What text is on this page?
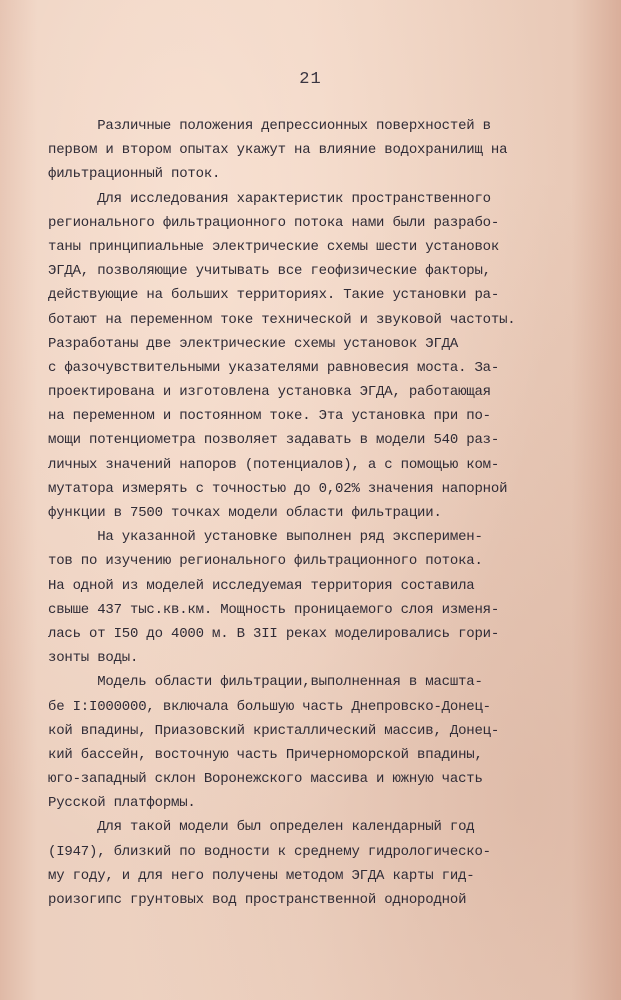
21
Различные положения депрессионных поверхностей в
первом и втором опытах укажут на влияние водохранилищ на
фильтрационный поток.
Для исследования характеристик пространственного
регионального фильтрационного потока нами были разрабо-
таны принципиальные электрические схемы шести установок
ЭГДА, позволяющие учитывать все геофизические факторы,
действующие на больших территориях. Такие установки ра-
ботают на переменном токе технической и звуковой частоты.
Разработаны две электрические схемы установок ЭГДА
с фазочувствительными указателями равновесия моста. За-
проектирована и изготовлена установка ЭГДА, работающая
на переменном и постоянном токе. Эта установка при по-
мощи потенциометра позволяет задавать в модели 540 раз-
личных значений напоров (потенциалов), а с помощью ком-
мутатора измерять с точностью до 0,02% значения напорной
функции в 7500 точках модели области фильтрации.
На указанной установке выполнен ряд эксперимен-
тов по изучению регионального фильтрационного потока.
На одной из моделей исследуемая территория составила
свыше 437 тыс.кв.км. Мощность проницаемого слоя изменя-
лась от I50 до 4000 м. В 3II реках моделировались гори-
зонты воды.
Модель области фильтрации,выполненная в масшта-
бе I:I000000, включала большую часть Днепровско-Донец-
кой впадины, Приазовский кристаллический массив, Донец-
кий бассейн, восточную часть Причерноморской впадины,
юго-западный склон Воронежского массива и южную часть
Русской платформы.
Для такой модели был определен календарный год
(I947), близкий по водности к среднему гидрологическо-
му году, и для него получены методом ЭГДА карты гид-
роизогипс грунтовых вод пространственной однородной
